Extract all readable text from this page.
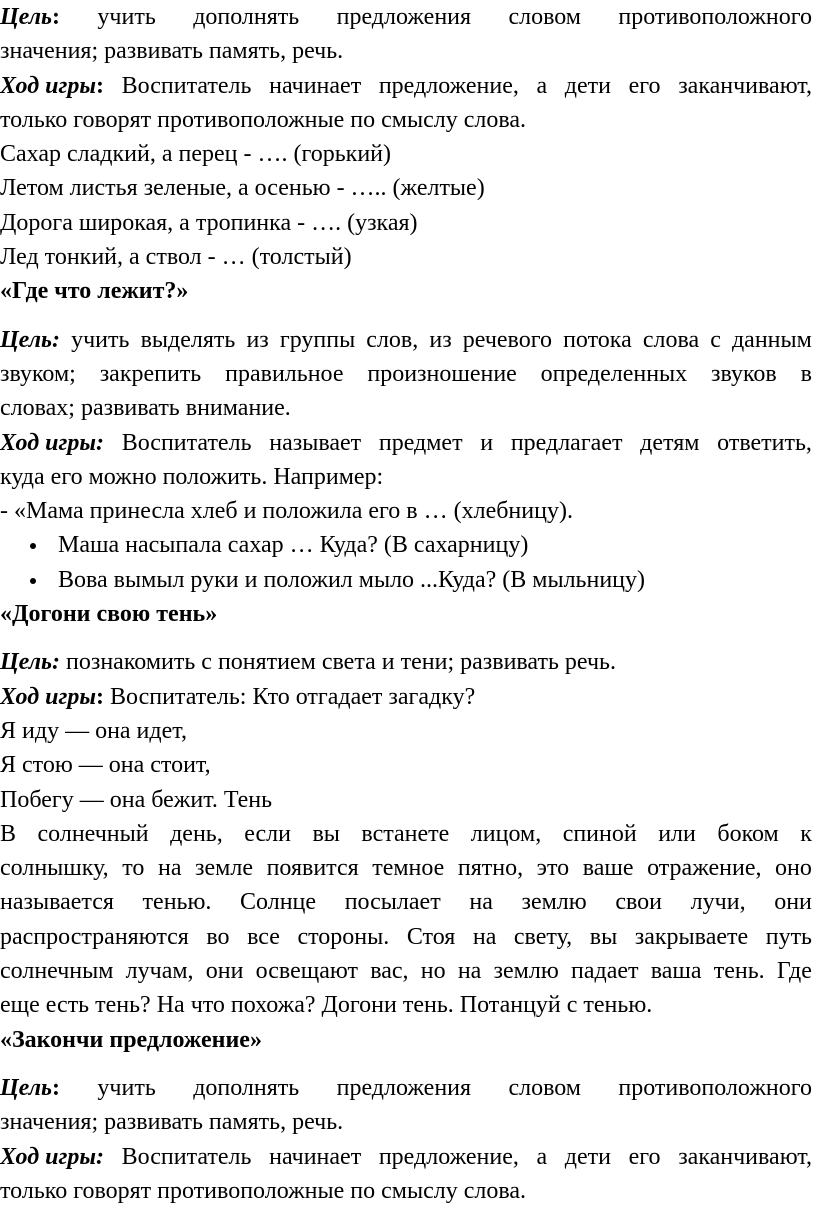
Цель: учить дополнять предложения словом противоположного
значения; развивать память, речь.
Ход игры: Воспитатель начинает предложение, а дети его заканчивают,
только говорят противоположные по смыслу слова.
Сахар сладкий, а перец - …. (горький)
Летом листья зеленые, а осенью - ….. (желтые)
Дорога широкая, а тропинка - …. (узкая)
Лед тонкий, а ствол - … (толстый)
«Где что лежит?»
Цель: учить выделять из группы слов, из речевого потока слова с данным
звуком; закрепить правильное произношение определенных звуков в
словах; развивать внимание.
Ход игры: Воспитатель называет предмет и предлагает детям ответить,
куда его можно положить. Например:
- «Мама принесла хлеб и положила его в … (хлебницу).
Маша насыпала сахар … Куда? (В сахарницу)
Вова вымыл руки и положил мыло ...Куда? (В мыльницу)
«Догони свою тень»
Цель: познакомить с понятием света и тени; развивать речь.
Ход игры: Воспитатель: Кто отгадает загадку?
Я иду — она идет,
Я стою — она стоит,
Побегу — она бежит. Тень
В солнечный день, если вы встанете лицом, спиной или боком к
солнышку, то на земле появится темное пятно, это ваше отражение, оно
называется тенью. Солнце посылает на землю свои лучи, они
распространяются во все стороны. Стоя на свету, вы закрываете путь
солнечным лучам, они освещают вас, но на землю падает ваша тень. Где
еще есть тень? На что похожа? Догони тень. Потанцуй с тенью.
«Закончи предложение»
Цель: учить дополнять предложения словом противоположного
значения; развивать память, речь.
Ход игры: Воспитатель начинает предложение, а дети его заканчивают,
только говорят противоположные по смыслу слова.
